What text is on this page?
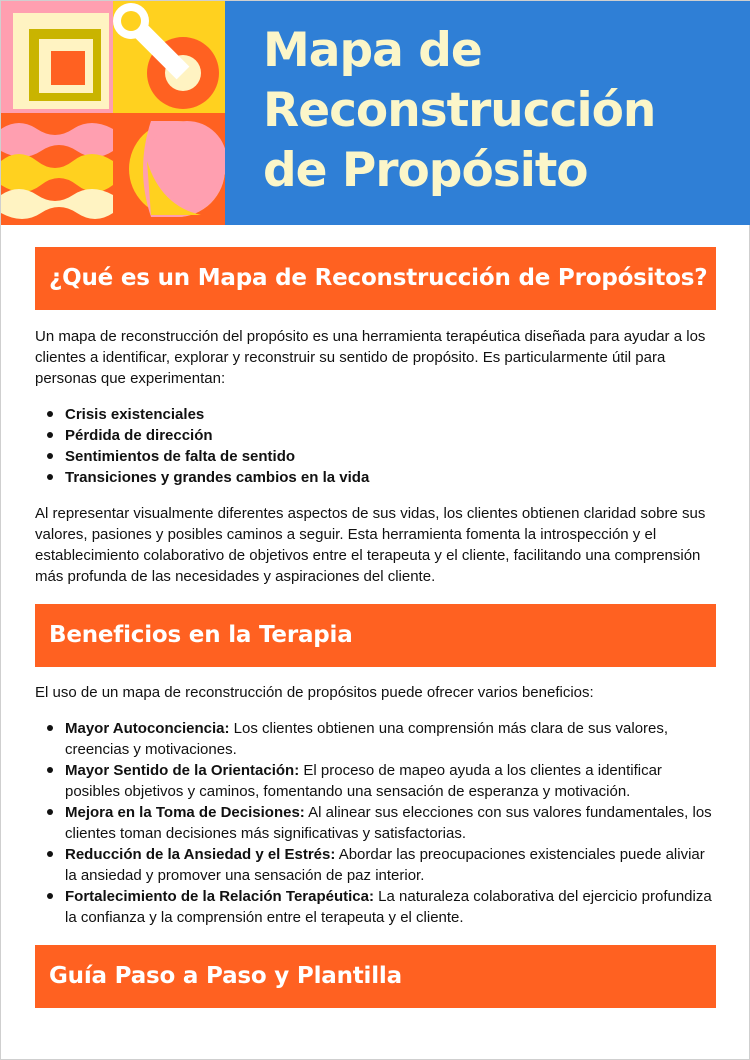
Mapa de
Reconstrucción
de Propósito
¿Qué es un Mapa de Reconstrucción de Propósitos?

Un mapa de reconstrucción del propósito es una herramienta terapéutica diseñada para ayudar a los clientes a identificar, explorar y reconstruir su sentido de propósito. Es particularmente útil para personas que experimentan:

Crisis existenciales
Pérdida de dirección
Sentimientos de falta de sentido
Transiciones y grandes cambios en la vida

Al representar visualmente diferentes aspectos de sus vidas, los clientes obtienen claridad sobre sus valores, pasiones y posibles caminos a seguir. Esta herramienta fomenta la introspección y el establecimiento colaborativo de objetivos entre el terapeuta y el cliente, facilitando una comprensión más profunda de las necesidades y aspiraciones del cliente.

Beneficios en la Terapia

El uso de un mapa de reconstrucción de propósitos puede ofrecer varios beneficios:

Mayor Autoconciencia: Los clientes obtienen una comprensión más clara de sus valores, creencias y motivaciones.
Mayor Sentido de la Orientación: El proceso de mapeo ayuda a los clientes a identificar posibles objetivos y caminos, fomentando una sensación de esperanza y motivación.
Mejora en la Toma de Decisiones: Al alinear sus elecciones con sus valores fundamentales, los clientes toman decisiones más significativas y satisfactorias.
Reducción de la Ansiedad y el Estrés: Abordar las preocupaciones existenciales puede aliviar la ansiedad y promover una sensación de paz interior.
Fortalecimiento de la Relación Terapéutica: La naturaleza colaborativa del ejercicio profundiza la confianza y la comprensión entre el terapeuta y el cliente.
Guía Paso a Paso y Plantilla
